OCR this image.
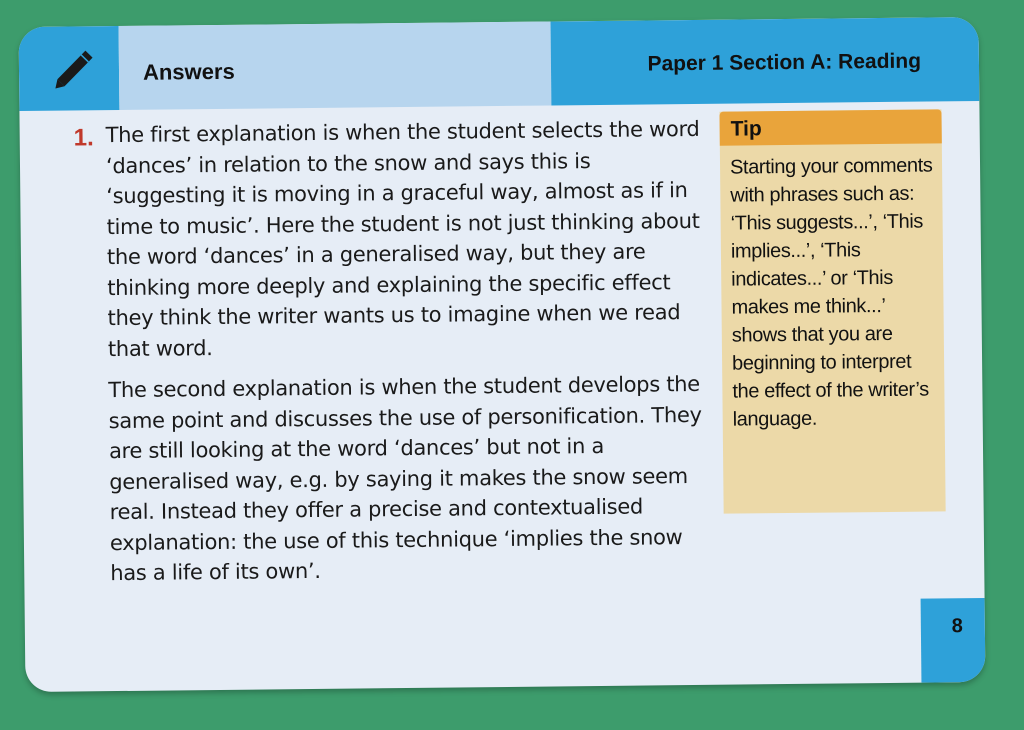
Answers	Paper 1 Section A: Reading
1. The first explanation is when the student selects the word ‘dances’ in relation to the snow and says this is ‘suggesting it is moving in a graceful way, almost as if in time to music’. Here the student is not just thinking about the word ‘dances’ in a generalised way, but they are thinking more deeply and explaining the specific effect they think the writer wants us to imagine when we read that word.

The second explanation is when the student develops the same point and discusses the use of personification. They are still looking at the word ‘dances’ but not in a generalised way, e.g. by saying it makes the snow seem real. Instead they offer a precise and contextualised explanation: the use of this technique ‘implies the snow has a life of its own’.

Tip

Starting your comments with phrases such as: ‘This suggests...’, ‘This implies...’, ‘This indicates...’ or ‘This makes me think...’ shows that you are beginning to interpret the effect of the writer’s language.

8
